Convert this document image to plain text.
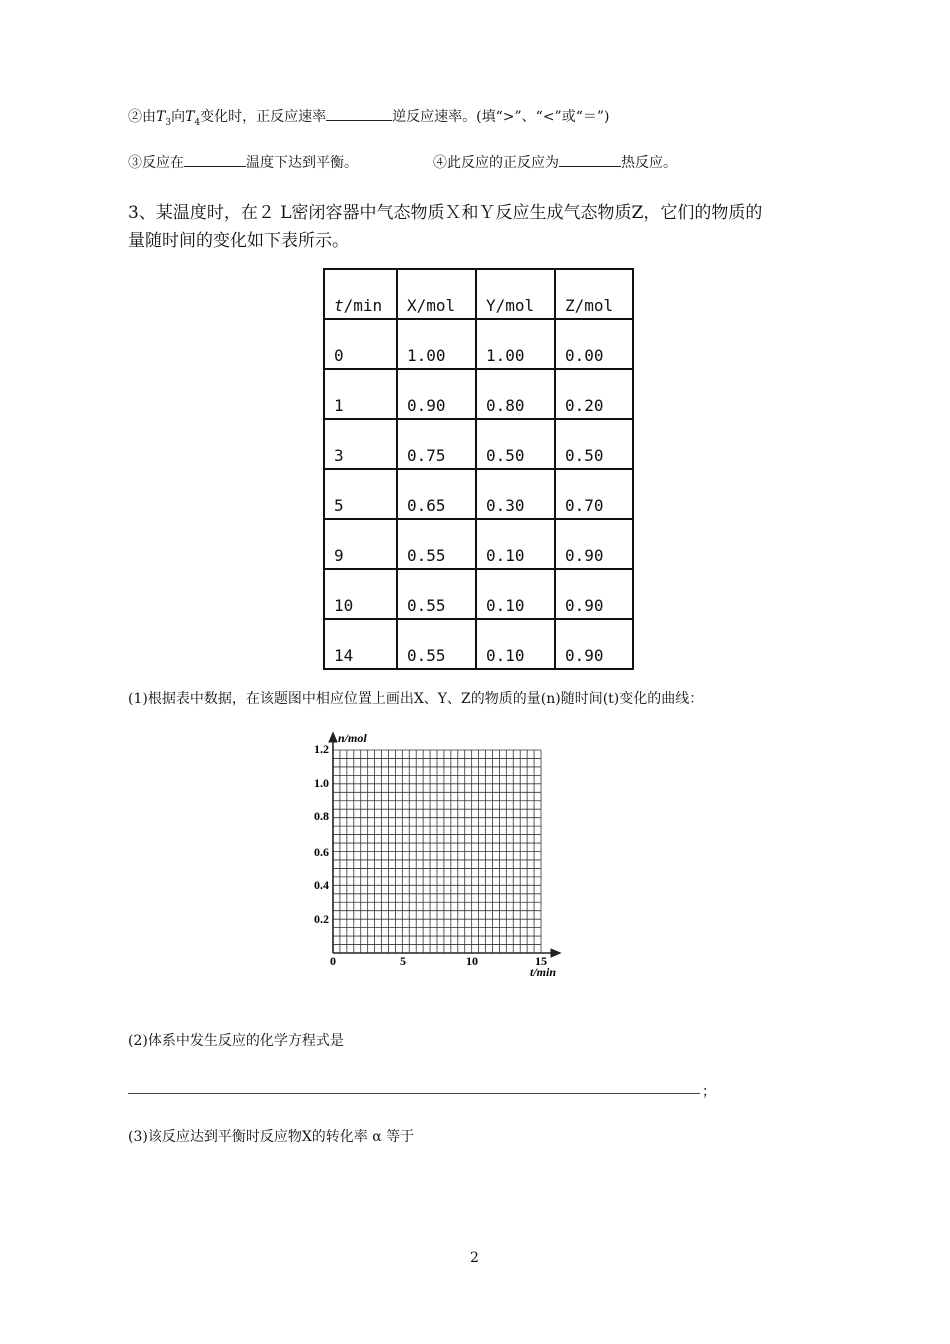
②由$T_3$向$T_4$变化时，正反应速率	逆反应速率。(填“>”、“<”或“＝”)
③反应在	温度下达到平衡。	④此反应的正反应为	热反应。
3、某温度时，在２ L密闭容器中气态物质Ｘ和Ｙ反应生成气态物质Z，它们的物质的
量随时间的变化如下表所示。
t/min	X/mol	Y/mol	Z/mol
0	1.00	1.00	0.00
1	0.90	0.80	0.20
3	0.75	0.50	0.50
5	0.65	0.30	0.70
9	0.55	0.10	0.90
10	0.55	0.10	0.90
14	0.55	0.10	0.90
(1)根据表中数据，在该题图中相应位置上画出X、Y、Z的物质的量(n)随时间(t)变化的曲线：
n/mol
t/min
1.2
1.0
0.8
0.6
0.4
0.2
0	5	10	15
(2)体系中发生反应的化学方程式是
；
(3)该反应达到平衡时反应物X的转化率 α 等于
2
